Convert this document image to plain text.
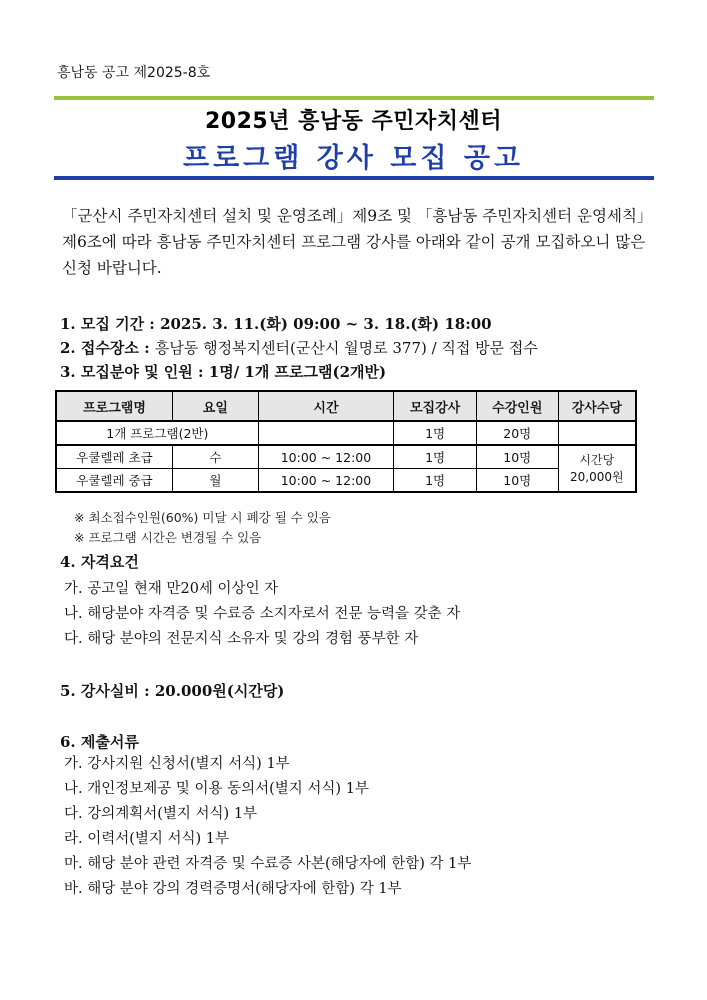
흥남동 공고 제2025-8호
2025년 흥남동 주민자치센터
프로그램 강사 모집 공고
「군산시 주민자치센터 설치 및 운영조례」제9조 및 「흥남동 주민자치센터 운영세칙」제6조에 따라 흥남동 주민자치센터 프로그램 강사를 아래와 같이 공개 모집하오니 많은 신청 바랍니다.
1. 모집 기간 : 2025. 3. 11.(화) 09:00 ~ 3. 18.(화) 18:00
2. 접수장소 : 흥남동 행정복지센터(군산시 월명로 377) / 직접 방문 접수
3. 모집분야 및 인원 : 1명/ 1개 프로그램(2개반)
프로그램명	요일	시간	모집강사	수강인원	강사수당
1개 프로그램(2반)			1명	20명	
우쿨렐레 초급	수	10:00 ~ 12:00	1명	10명	시간당
20,000원

우쿨렐레 중급	월	10:00 ~ 12:00	1명	10명	
※ 최소접수인원(60%) 미달 시 폐강 될 수 있음
※ 프로그램 시간은 변경될 수 있음
4. 자격요건
가. 공고일 현재 만20세 이상인 자
나. 해당분야 자격증 및 수료증 소지자로서 전문 능력을 갖춘 자
다. 해당 분야의 전문지식 소유자 및 강의 경험 풍부한 자
5. 강사실비 : 20.000원(시간당)
6. 제출서류
가. 강사지원 신청서(별지 서식) 1부
나. 개인정보제공 및 이용 동의서(별지 서식) 1부
다. 강의계획서(별지 서식) 1부
라. 이력서(별지 서식) 1부
마. 해당 분야 관련 자격증 및 수료증 사본(해당자에 한함) 각 1부
바. 해당 분야 강의 경력증명서(해당자에 한함) 각 1부
